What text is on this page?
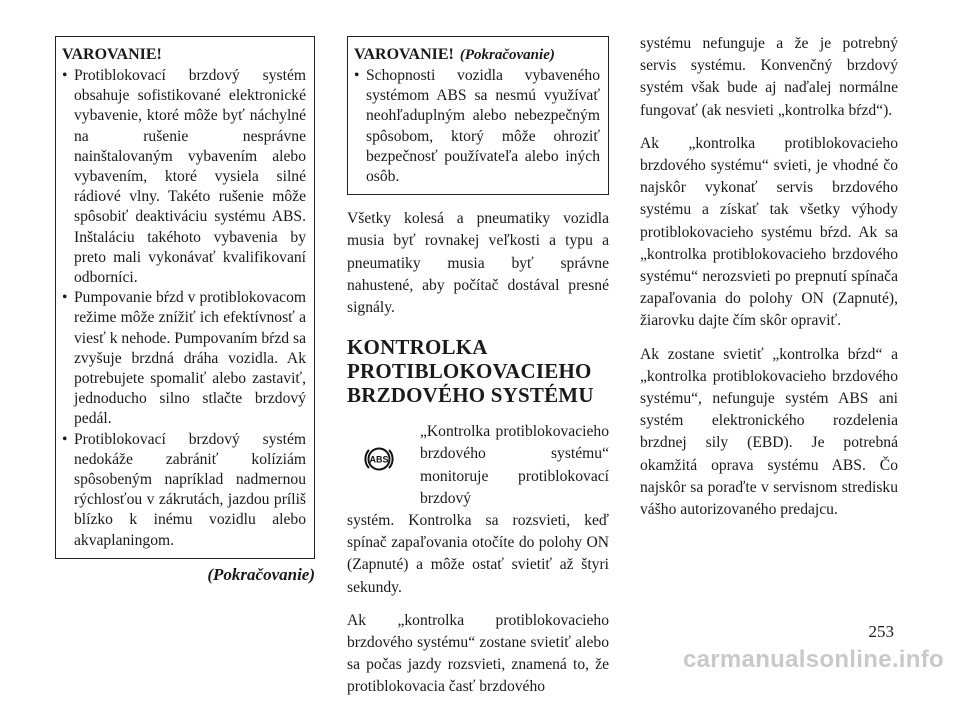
VAROVANIE!
• Protiblokovací brzdový systém obsahuje sofistikované elektronické vybavenie, ktoré môže byť náchylné na rušenie nesprávne nainštalovaným vybavením alebo vybavením, ktoré vysiela silné rádiové vlny. Takéto rušenie môže spôsobiť deaktiváciu systému ABS. Inštaláciu takéhoto vybavenia by preto mali vykonávať kvalifikovaní odborníci.
• Pumpovanie bŕzd v protiblokovacom režime môže znížiť ich efektívnosť a viesť k nehode. Pumpovaním bŕzd sa zvyšuje brzdná dráha vozidla. Ak potrebujete spomaliť alebo zastaviť, jednoducho silno stlačte brzdový pedál.
• Protiblokovací brzdový systém nedokáže zabrániť kolíziám spôsobeným napríklad nadmernou rýchlosťou v zákrutách, jazdou príliš blízko k inému vozidlu alebo akvaplaningom.
(Pokračovanie)
VAROVANIE! (Pokračovanie)
• Schopnosti vozidla vybaveného systémom ABS sa nesmú využívať neohľaduplným alebo nebezpečným spôsobom, ktorý môže ohroziť bezpečnosť používateľa alebo iných osôb.

Všetky kolesá a pneumatiky vozidla musia byť rovnakej veľkosti a typu a pneumatiky musia byť správne nahustené, aby počítač dostával presné signály.

KONTROLKA PROTIBLOKOVACIEHO BRZDOVÉHO SYSTÉMU
ABS
„Kontrolka protiblokovacieho brzdového systému“ monitoruje protiblokovací brzdový

systém. Kontrolka sa rozsvieti, keď spínač zapaľovania otočíte do polohy ON (Zapnuté) a môže ostať svietiť až štyri sekundy.

Ak „kontrolka protiblokovacieho brzdového systému“ zostane svietiť alebo sa počas jazdy rozsvieti, znamená to, že protiblokovacia časť brzdového

systému nefunguje a že je potrebný servis systému. Konvenčný brzdový systém však bude aj naďalej normálne fungovať (ak nesvieti „kontrolka bŕzd“).

Ak „kontrolka protiblokovacieho brzdového systému“ svieti, je vhodné čo najskôr vykonať servis brzdového systému a získať tak všetky výhody protiblokovacieho systému bŕzd. Ak sa „kontrolka protiblokovacieho brzdového systému“ nerozsvieti po prepnutí spínača zapaľovania do polohy ON (Zapnuté), žiarovku dajte čím skôr opraviť.

Ak zostane svietiť „kontrolka bŕzd“ a „kontrolka protiblokovacieho brzdového systému“, nefunguje systém ABS ani systém elektronického rozdelenia brzdnej sily (EBD). Je potrebná okamžitá oprava systému ABS. Čo najskôr sa poraďte v servisnom stredisku vášho autorizovaného predajcu.

253
carmanualsonline.info
